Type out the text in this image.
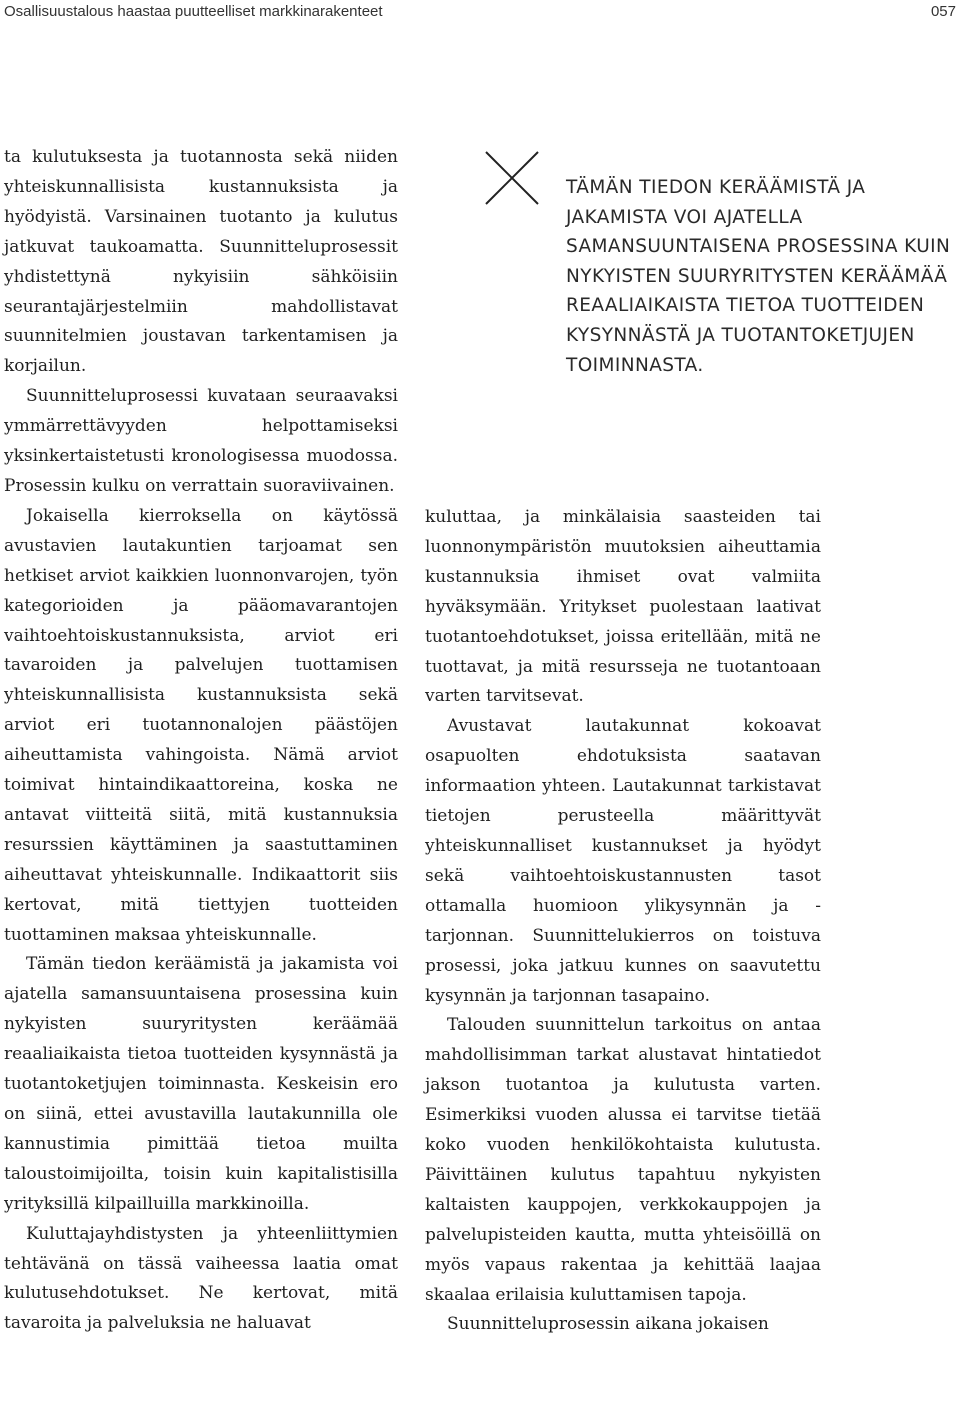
Osallisuustalous haastaa puutteelliset markkinarakenteet	057

ta kulutuksesta ja tuotannosta sekä niiden yhteiskunnallisista kustannuksista ja hyödyistä. Varsinainen tuotanto ja kulutus jatkuvat taukoamatta. Suunnitteluprosessit yhdistettynä nykyisiin sähköisiin seurantajärjestelmiin mahdollistavat suunnitelmien joustavan tarkentamisen ja korjailun.

Suunnitteluprosessi kuvataan seuraavaksi ymmärrettävyyden helpottamiseksi yksinkertaistetusti kronologisessa muodossa. Prosessin kulku on verrattain suoraviivainen.

Jokaisella kierroksella on käytössä avustavien lautakuntien tarjoamat sen hetkiset arviot kaikkien luonnonvarojen, työn kategorioiden ja pääomavarantojen vaihtoehtoiskustannuksista, arviot eri tavaroiden ja palvelujen tuottamisen yhteiskunnallisista kustannuksista sekä arviot eri tuotannonalojen päästöjen aiheuttamista vahingoista. Nämä arviot toimivat hintaindikaattoreina, koska ne antavat viitteitä siitä, mitä kustannuksia resurssien käyttäminen ja saastuttaminen aiheuttavat yhteiskunnalle. Indikaattorit siis kertovat, mitä tiettyjen tuotteiden tuottaminen maksaa yhteiskunnalle.

Tämän tiedon keräämistä ja jakamista voi ajatella samansuuntaisena prosessina kuin nykyisten suuryritysten keräämää reaaliaikaista tietoa tuotteiden kysynnästä ja tuotantoketjujen toiminnasta. Keskeisin ero on siinä, ettei avustavilla lautakunnilla ole kannustimia pimittää tietoa muilta taloustoimijoilta, toisin kuin kapitalistisilla yrityksillä kilpailluilla markkinoilla.

Kuluttajayhdistysten ja yhteenliittymien tehtävänä on tässä vaiheessa laatia omat kulutusehdotukset. Ne kertovat, mitä tavaroita ja palveluksia ne haluavat

TÄMÄN TIEDON KERÄÄMISTÄ JA JAKAMISTA VOI AJATELLA SAMANSUUNTAISENA PROSESSINA KUIN NYKYISTEN SUURYRITYSTEN KERÄÄMÄÄ REAALIAIKAISTA TIETOA TUOTTEIDEN KYSYNNÄSTÄ JA TUOTANTOKETJUJEN TOIMINNASTA.

kuluttaa, ja minkälaisia saasteiden tai luonnonympäristön muutoksien aiheuttamia kustannuksia ihmiset ovat valmiita hyväksymään. Yritykset puolestaan laativat tuotantoehdotukset, joissa eritellään, mitä ne tuottavat, ja mitä resursseja ne tuotantoaan varten tarvitsevat.

Avustavat lautakunnat kokoavat osapuolten ehdotuksista saatavan informaation yhteen. Lautakunnat tarkistavat tietojen perusteella määrittyvät yhteiskunnalliset kustannukset ja hyödyt sekä vaihtoehtoiskustannusten tasot ottamalla huomioon ylikysynnän ja -tarjonnan. Suunnittelukierros on toistuva prosessi, joka jatkuu kunnes on saavutettu kysynnän ja tarjonnan tasapaino.

Talouden suunnittelun tarkoitus on antaa mahdollisimman tarkat alustavat hintatiedot jakson tuotantoa ja kulutusta varten. Esimerkiksi vuoden alussa ei tarvitse tietää koko vuoden henkilökohtaista kulutusta. Päivittäinen kulutus tapahtuu nykyisten kaltaisten kauppojen, verkkokauppojen ja palvelupisteiden kautta, mutta yhteisöillä on myös vapaus rakentaa ja kehittää laajaa skaalaa erilaisia kuluttamisen tapoja.

Suunnitteluprosessin aikana jokaisen
